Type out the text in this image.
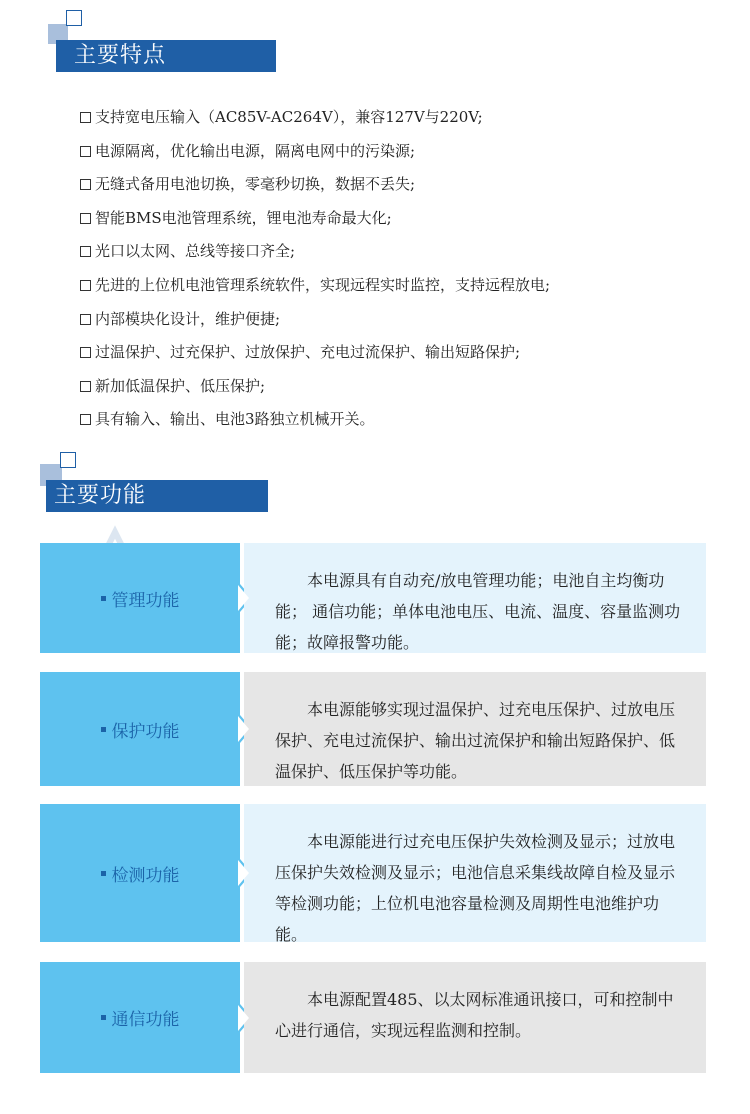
主要特点
支持宽电压输入（AC85V-AC264V），兼容127V与220V;
电源隔离，优化输出电源，隔离电网中的污染源;
无缝式备用电池切换，零毫秒切换，数据不丢失;
智能BMS电池管理系统，锂电池寿命最大化;
光口以太网、总线等接口齐全;
先进的上位机电池管理系统软件，实现远程实时监控，支持远程放电;
内部模块化设计，维护便捷;
过温保护、过充保护、过放保护、充电过流保护、输出短路保护;
新加低温保护、低压保护;
具有输入、输出、电池3路独立机械开关。
主要功能
管理功能
本电源具有自动充/放电管理功能；电池自主均衡功能； 通信功能；单体电池电压、电流、温度、容量监测功能；故障报警功能。
保护功能
本电源能够实现过温保护、过充电压保护、过放电压保护、充电过流保护、输出过流保护和输出短路保护、低温保护、低压保护等功能。
检测功能
本电源能进行过充电压保护失效检测及显示；过放电压保护失效检测及显示；电池信息采集线故障自检及显示等检测功能；上位机电池容量检测及周期性电池维护功能。
通信功能
本电源配置485、以太网标准通讯接口，可和控制中心进行通信，实现远程监测和控制。
